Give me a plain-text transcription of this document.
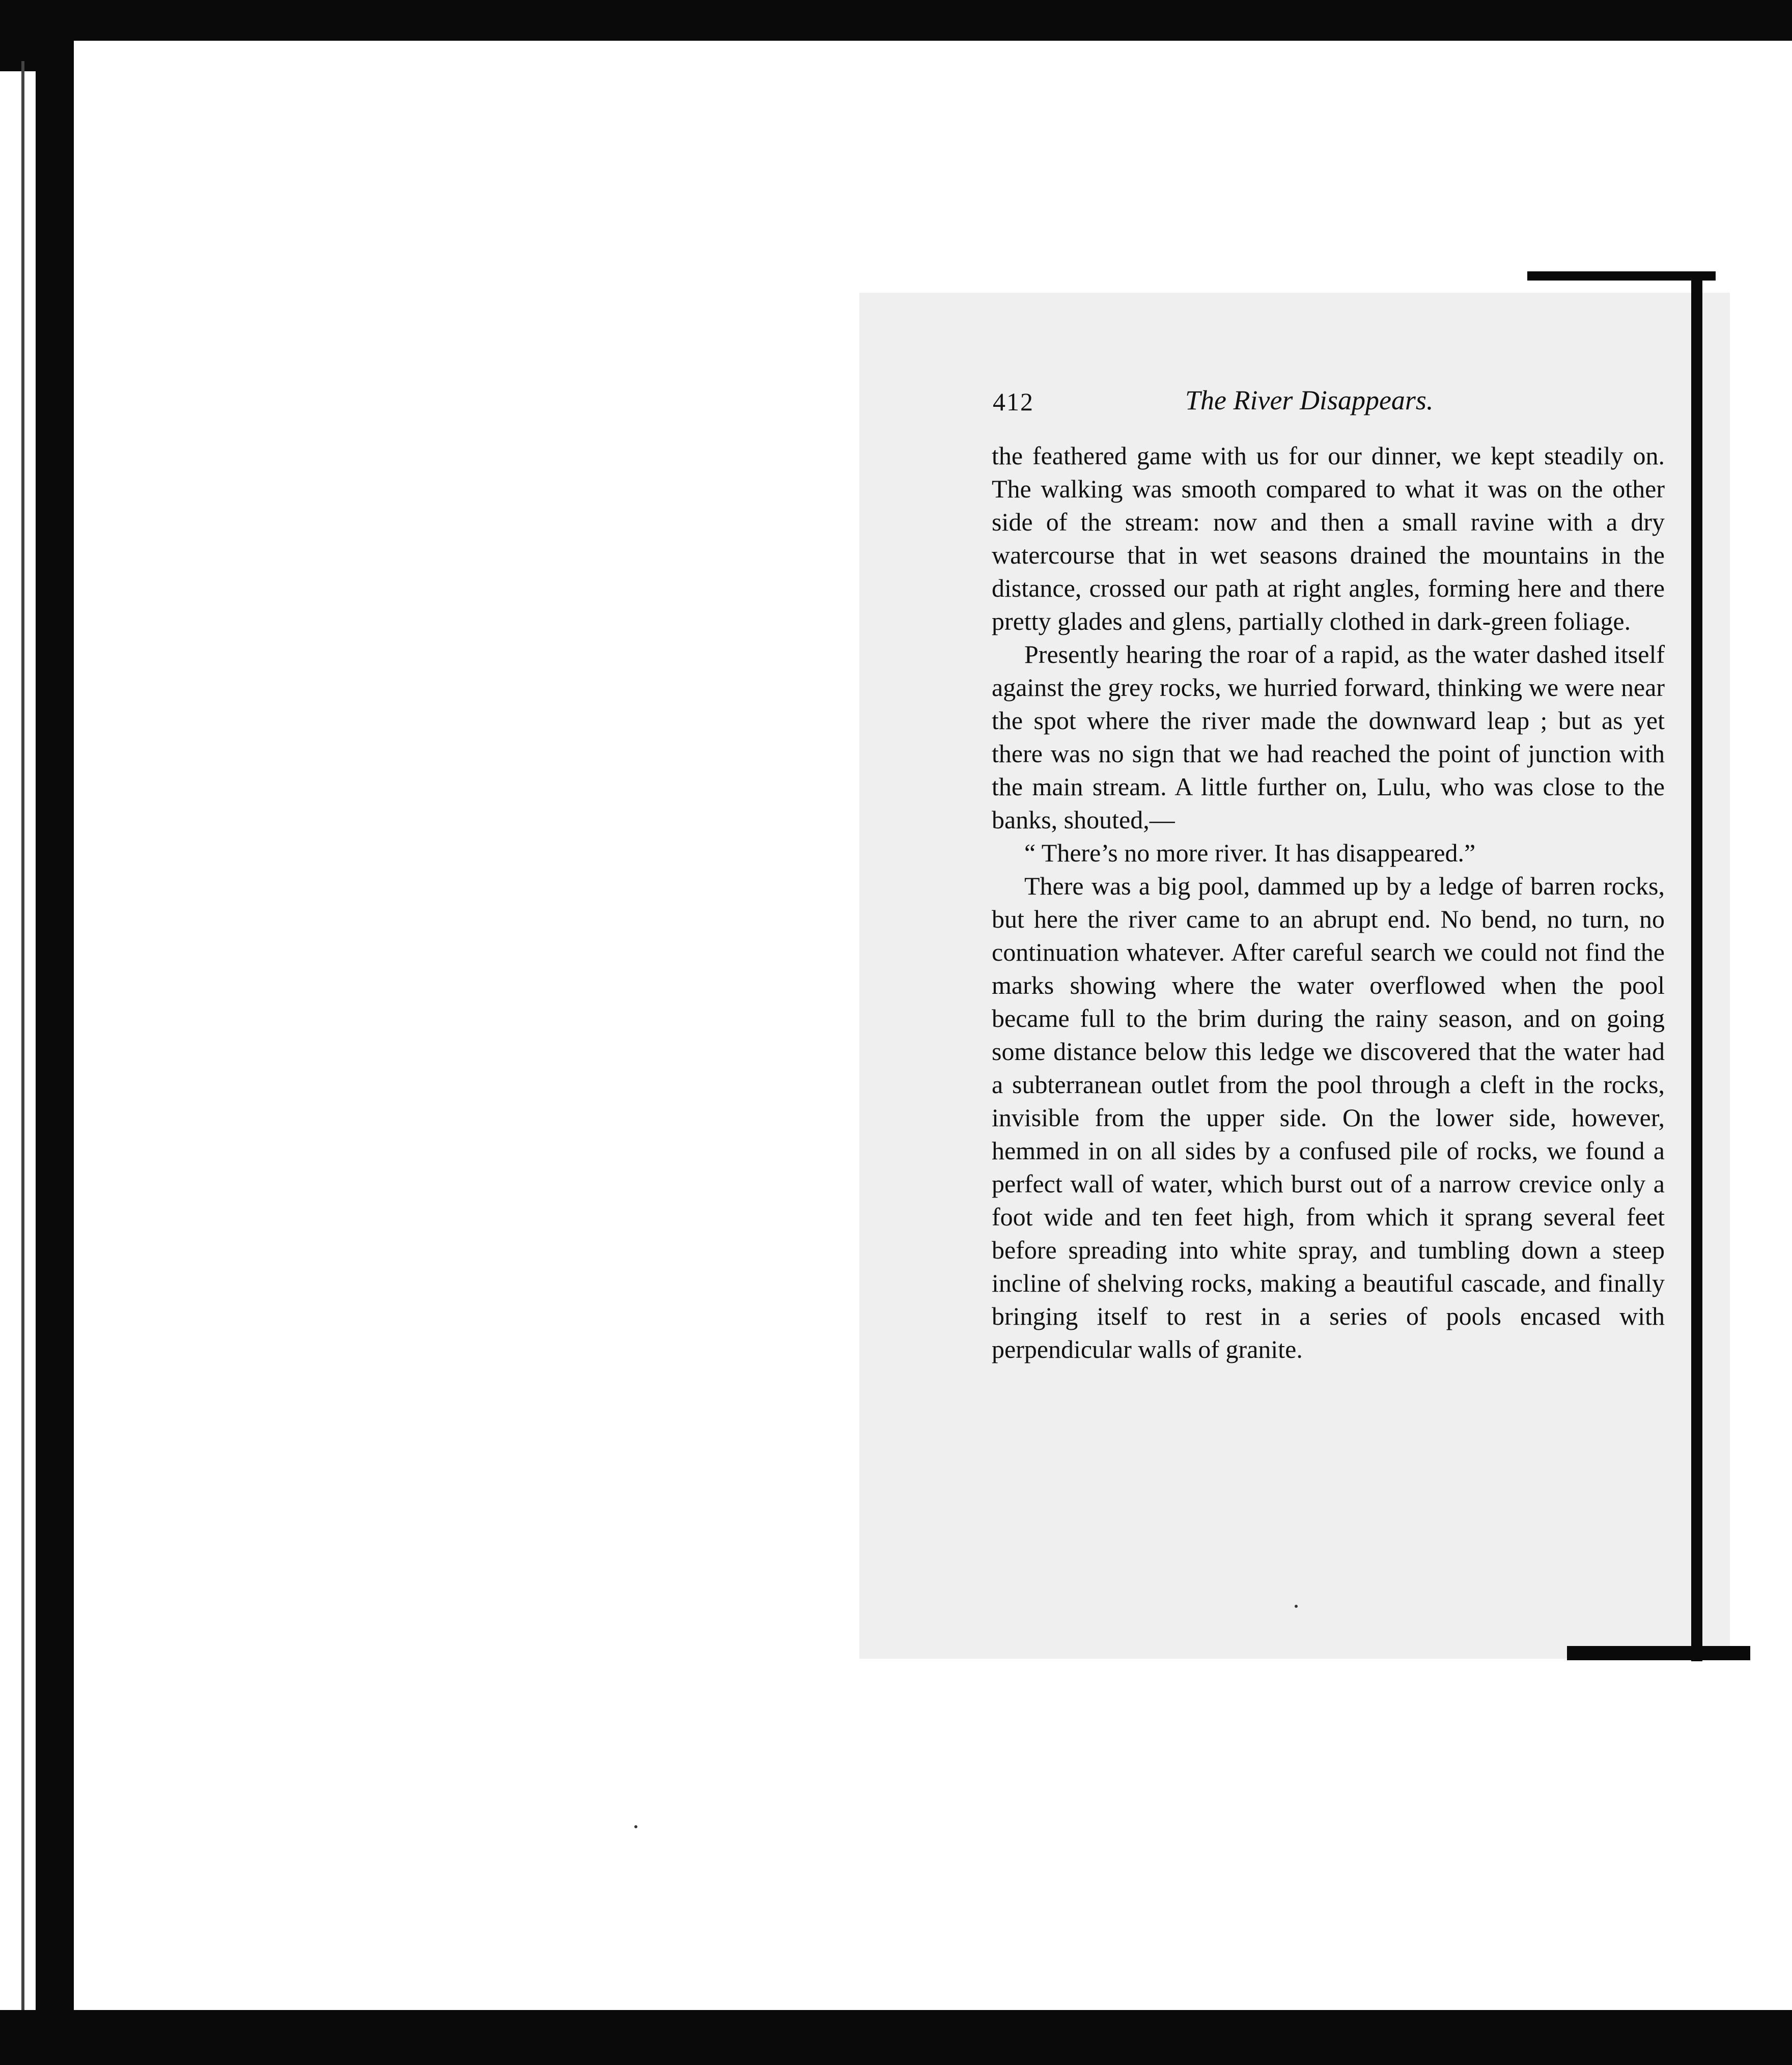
412	The River Disappears.

the feathered game with us for our dinner, we kept steadily on. The walking was smooth compared to what it was on the other side of the stream: now and then a small ravine with a dry watercourse that in wet seasons drained the mountains in the distance, crossed our path at right angles, forming here and there pretty glades and glens, partially clothed in dark-green foliage.

Presently hearing the roar of a rapid, as the water dashed itself against the grey rocks, we hurried forward, thinking we were near the spot where the river made the downward leap ; but as yet there was no sign that we had reached the point of junction with the main stream. A little further on, Lulu, who was close to the banks, shouted,—

“ There’s no more river. It has disappeared.”

There was a big pool, dammed up by a ledge of barren rocks, but here the river came to an abrupt end. No bend, no turn, no continuation whatever. After careful search we could not find the marks showing where the water overflowed when the pool became full to the brim during the rainy season, and on going some distance below this ledge we discovered that the water had a subterranean outlet from the pool through a cleft in the rocks, invisible from the upper side. On the lower side, however, hemmed in on all sides by a confused pile of rocks, we found a perfect wall of water, which burst out of a narrow crevice only a foot wide and ten feet high, from which it sprang several feet before spreading into white spray, and tumbling down a steep incline of shelving rocks, making a beautiful cascade, and finally bringing itself to rest in a series of pools encased with perpendicular walls of granite.
